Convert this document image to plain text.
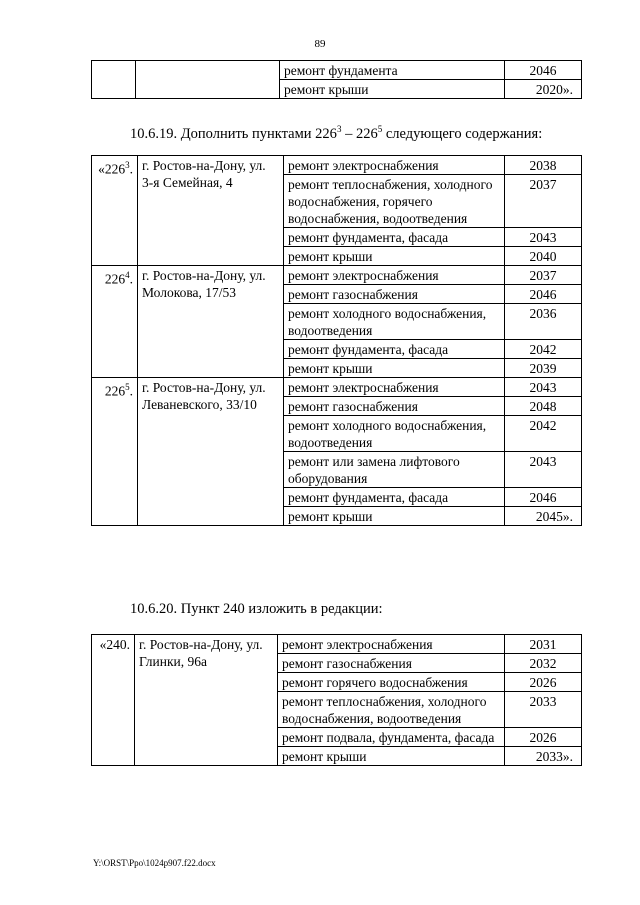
89
		ремонт фундамента	2046
		ремонт крыши	2020».
10.6.19. Дополнить пунктами $226^3 - 226^5$ следующего содержания:
«$226^3$.	г. Ростов-на-Дону, ул. 3-я Семейная, 4	ремонт электроснабжения	2038
		ремонт теплоснабжения, холодного водоснабжения, горячего водоснабжения, водоотведения	2037
		ремонт фундамента, фасада	2043
		ремонт крыши	2040
$226^4$.	г. Ростов-на-Дону, ул. Молокова, 17/53	ремонт электроснабжения	2037
		ремонт газоснабжения	2046
		ремонт холодного водоснабжения, водоотведения	2036
		ремонт фундамента, фасада	2042
		ремонт крыши	2039
$226^5$.	г. Ростов-на-Дону, ул. Леваневского, 33/10	ремонт электроснабжения	2043
		ремонт газоснабжения	2048
		ремонт холодного водоснабжения, водоотведения	2042
		ремонт или замена лифтового оборудования	2043
		ремонт фундамента, фасада	2046
		ремонт крыши	2045».
10.6.20. Пункт 240 изложить в редакции:
«240.	г. Ростов-на-Дону, ул. Глинки, 96а	ремонт электроснабжения	2031
		ремонт газоснабжения	2032
		ремонт горячего водоснабжения	2026
		ремонт теплоснабжения, холодного водоснабжения, водоотведения	2033
		ремонт подвала, фундамента, фасада	2026
		ремонт крыши	2033».
Y:\ORST\Ppo\1024p907.f22.docx
